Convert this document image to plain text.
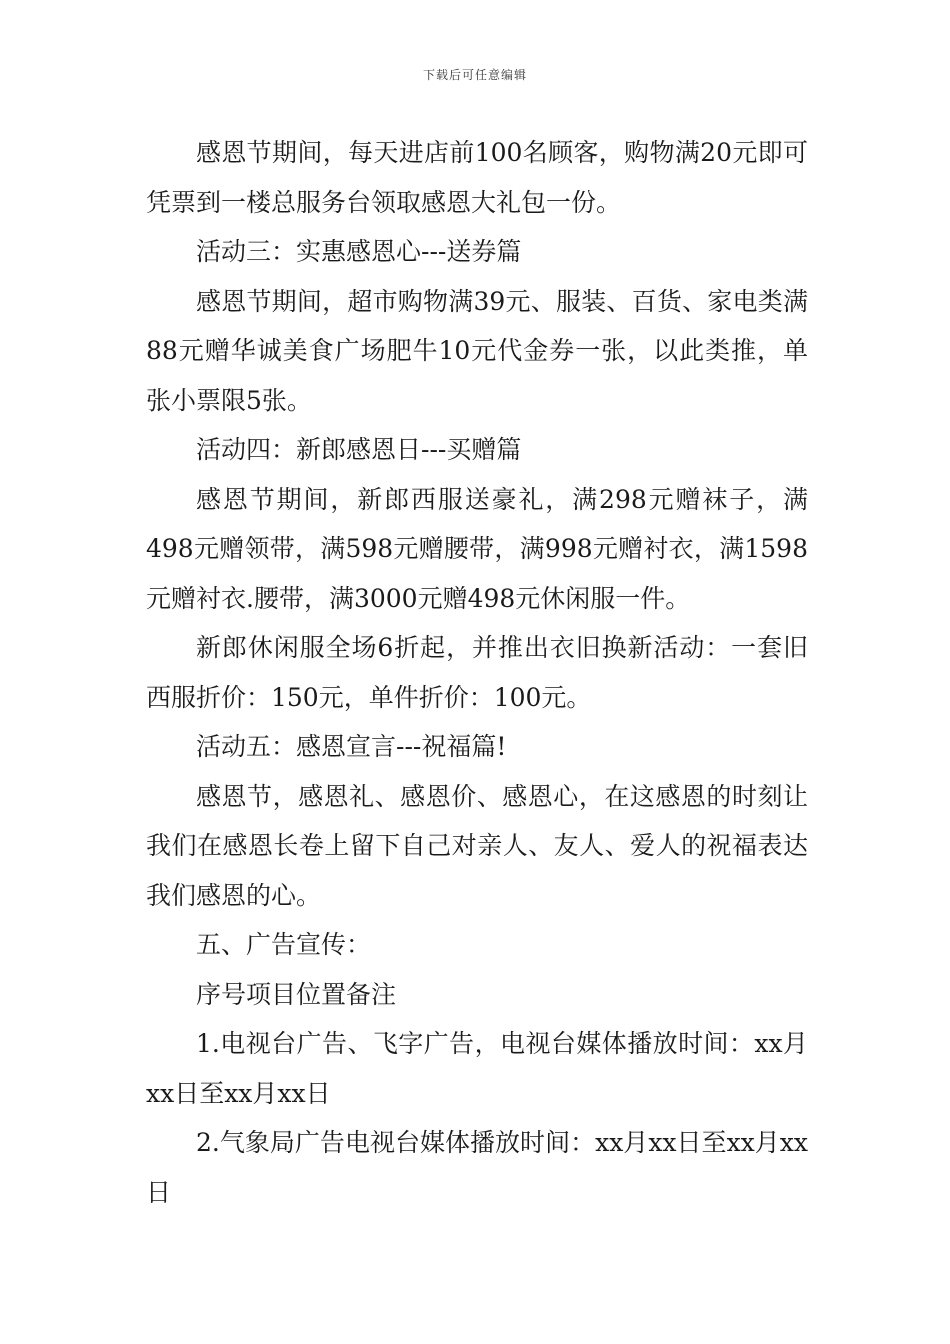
下载后可任意编辑

感恩节期间，每天进店前100名顾客，购物满20元即可凭票到一楼总服务台领取感恩大礼包一份。

活动三：实惠感恩心---送券篇

感恩节期间，超市购物满39元、服装、百货、家电类满88元赠华诚美食广场肥牛10元代金券一张，以此类推，单张小票限5张。

活动四：新郎感恩日---买赠篇

感恩节期间，新郎西服送豪礼，满298元赠袜子，满498元赠领带，满598元赠腰带，满998元赠衬衣，满1598元赠衬衣.腰带，满3000元赠498元休闲服一件。

新郎休闲服全场6折起，并推出衣旧换新活动：一套旧西服折价：150元，单件折价：100元。

活动五：感恩宣言---祝福篇!

感恩节，感恩礼、感恩价、感恩心，在这感恩的时刻让我们在感恩长卷上留下自己对亲人、友人、爱人的祝福表达我们感恩的心。

五、广告宣传：

序号项目位置备注

1.电视台广告、飞字广告，电视台媒体播放时间：xx月xx日至xx月xx日

2.气象局广告电视台媒体播放时间：xx月xx日至xx月xx日
